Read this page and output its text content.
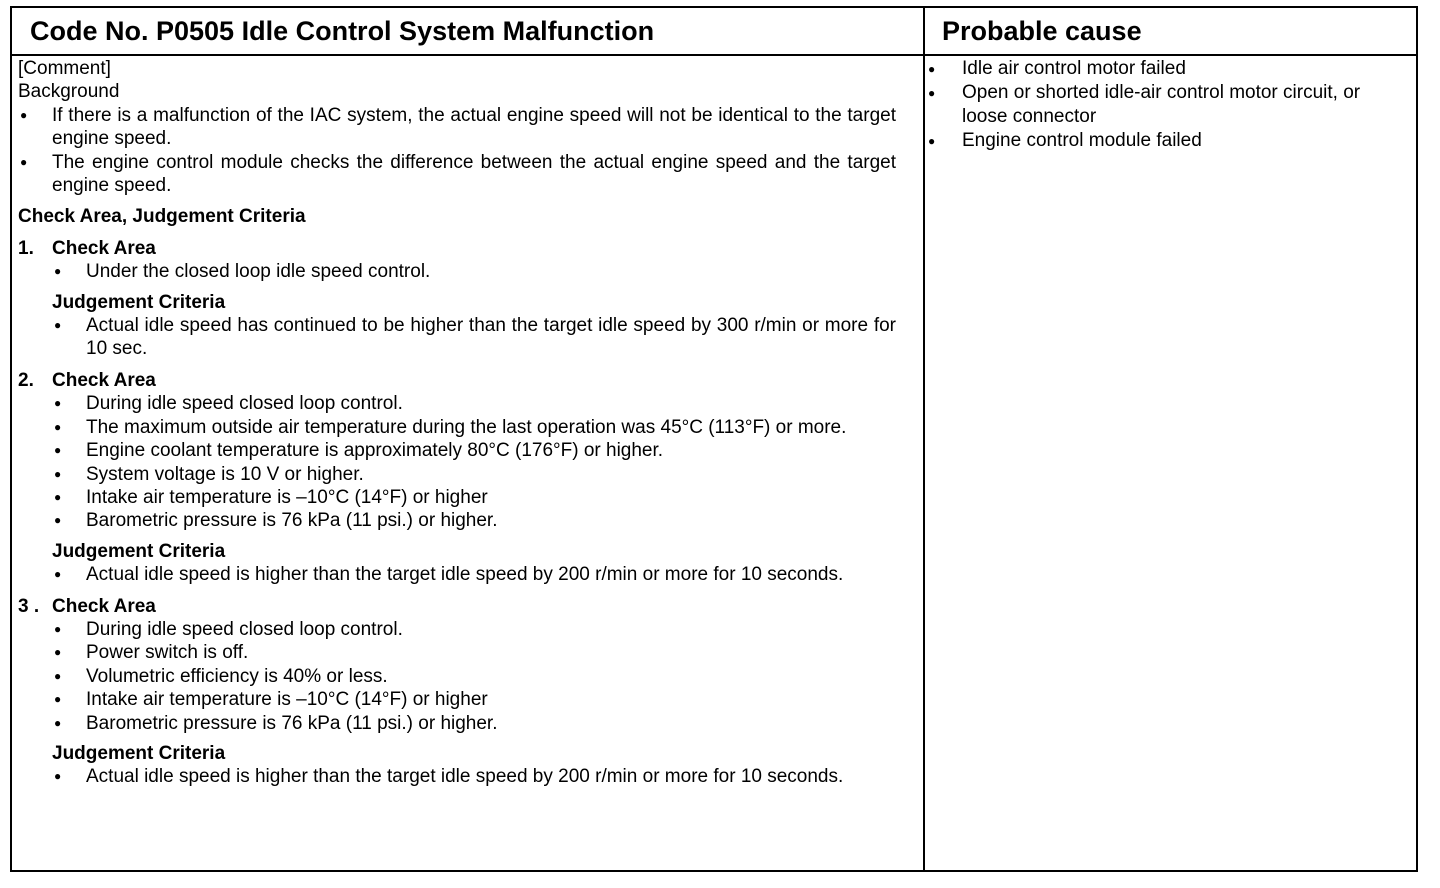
Code No. P0505 Idle Control System Malfunction	Probable cause

[Comment]

Background

● If there is a malfunction of the IAC system, the actual engine speed will not be identical to the target engine speed.

● The engine control module checks the difference between the actual engine speed and the target engine speed.

Check Area, Judgement Criteria

1. Check Area

● Under the closed loop idle speed control.

Judgement Criteria

● Actual idle speed has continued to be higher than the target idle speed by 300 r/min or more for 10 sec.

2. Check Area

● During idle speed closed loop control.

● The maximum outside air temperature during the last operation was 45°C (113°F) or more.

● Engine coolant temperature is approximately 80°C (176°F) or higher.

● System voltage is 10 V or higher.

● Intake air temperature is –10°C (14°F) or higher

● Barometric pressure is 76 kPa (11 psi.) or higher.

Judgement Criteria

● Actual idle speed is higher than the target idle speed by 200 r/min or more for 10 seconds.

3 . Check Area

● During idle speed closed loop control.

● Power switch is off.

● Volumetric efficiency is 40% or less.

● Intake air temperature is –10°C (14°F) or higher

● Barometric pressure is 76 kPa (11 psi.) or higher.

Judgement Criteria

● Actual idle speed is higher than the target idle speed by 200 r/min or more for 10 seconds.

● Idle air control motor failed

● Open or shorted idle-air control motor circuit, or loose connector

● Engine control module failed
